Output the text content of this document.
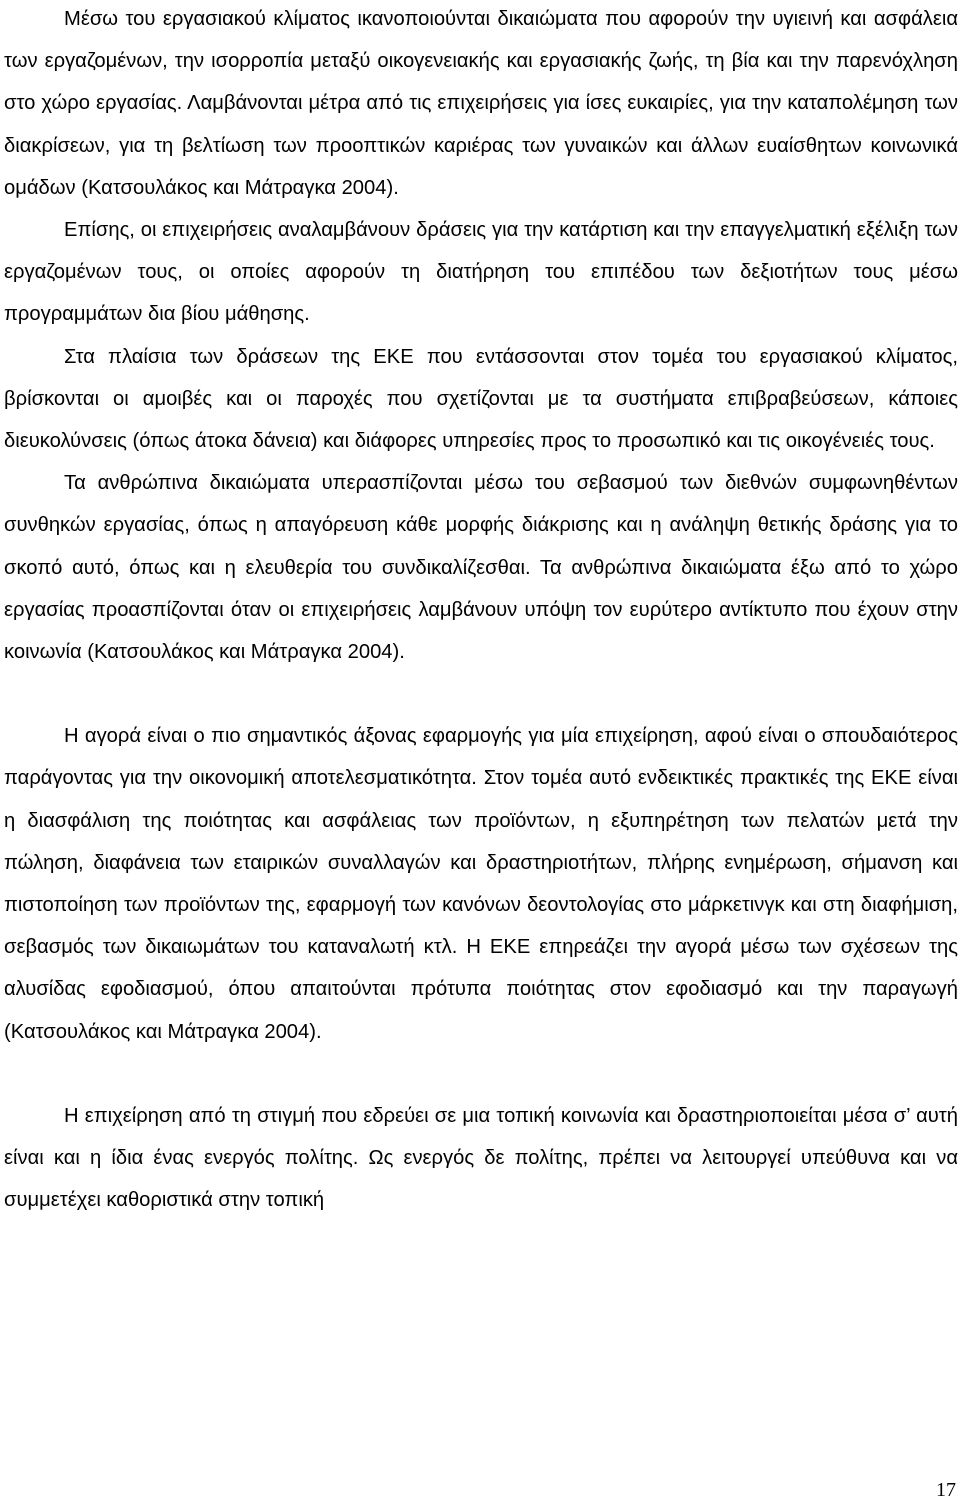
Μέσω του εργασιακού κλίματος ικανοποιούνται δικαιώματα που αφορούν την υγιεινή και ασφάλεια των εργαζομένων, την ισορροπία μεταξύ οικογενειακής και εργασιακής ζωής, τη βία και την παρενόχληση στο χώρο εργασίας. Λαμβάνονται μέτρα από τις επιχειρήσεις για ίσες ευκαιρίες, για την καταπολέμηση των διακρίσεων, για τη βελτίωση των προοπτικών καριέρας των γυναικών και άλλων ευαίσθητων κοινωνικά ομάδων (Κατσουλάκος και Μάτραγκα 2004).

Επίσης, οι επιχειρήσεις αναλαμβάνουν δράσεις για την κατάρτιση και την επαγγελματική εξέλιξη των εργαζομένων τους, οι οποίες αφορούν τη διατήρηση του επιπέδου των δεξιοτήτων τους μέσω προγραμμάτων δια βίου μάθησης.

Στα πλαίσια των δράσεων της ΕΚΕ που εντάσσονται στον τομέα του εργασιακού κλίματος, βρίσκονται οι αμοιβές και οι παροχές που σχετίζονται με τα συστήματα επιβραβεύσεων, κάποιες διευκολύνσεις (όπως άτοκα δάνεια) και διάφορες υπηρεσίες προς το προσωπικό και τις οικογένειές τους.

Τα ανθρώπινα δικαιώματα υπερασπίζονται μέσω του σεβασμού των διεθνών συμφωνηθέντων συνθηκών εργασίας, όπως η απαγόρευση κάθε μορφής διάκρισης και η ανάληψη θετικής δράσης για το σκοπό αυτό, όπως και η ελευθερία του συνδικαλίζεσθαι. Τα ανθρώπινα δικαιώματα έξω από το χώρο εργασίας προασπίζονται όταν οι επιχειρήσεις λαμβάνουν υπόψη τον ευρύτερο αντίκτυπο που έχουν στην κοινωνία (Κατσουλάκος και Μάτραγκα 2004).

Η αγορά είναι ο πιο σημαντικός άξονας εφαρμογής για μία επιχείρηση, αφού είναι ο σπουδαιότερος παράγοντας για την οικονομική αποτελεσματικότητα. Στον τομέα αυτό ενδεικτικές πρακτικές της ΕΚΕ είναι η διασφάλιση της ποιότητας και ασφάλειας των προϊόντων, η εξυπηρέτηση των πελατών μετά την πώληση, διαφάνεια των εταιρικών συναλλαγών και δραστηριοτήτων, πλήρης ενημέρωση, σήμανση και πιστοποίηση των προϊόντων της, εφαρμογή των κανόνων δεοντολογίας στο μάρκετινγκ και στη διαφήμιση, σεβασμός των δικαιωμάτων του καταναλωτή κτλ. Η ΕΚΕ επηρεάζει την αγορά μέσω των σχέσεων της αλυσίδας εφοδιασμού, όπου απαιτούνται πρότυπα ποιότητας στον εφοδιασμό και την παραγωγή (Κατσουλάκος και Μάτραγκα 2004).

Η επιχείρηση από τη στιγμή που εδρεύει σε μια τοπική κοινωνία και δραστηριοποιείται μέσα σ’ αυτή είναι και η ίδια ένας ενεργός πολίτης. Ως ενεργός δε πολίτης, πρέπει να λειτουργεί υπεύθυνα και να συμμετέχει καθοριστικά στην τοπική

17
